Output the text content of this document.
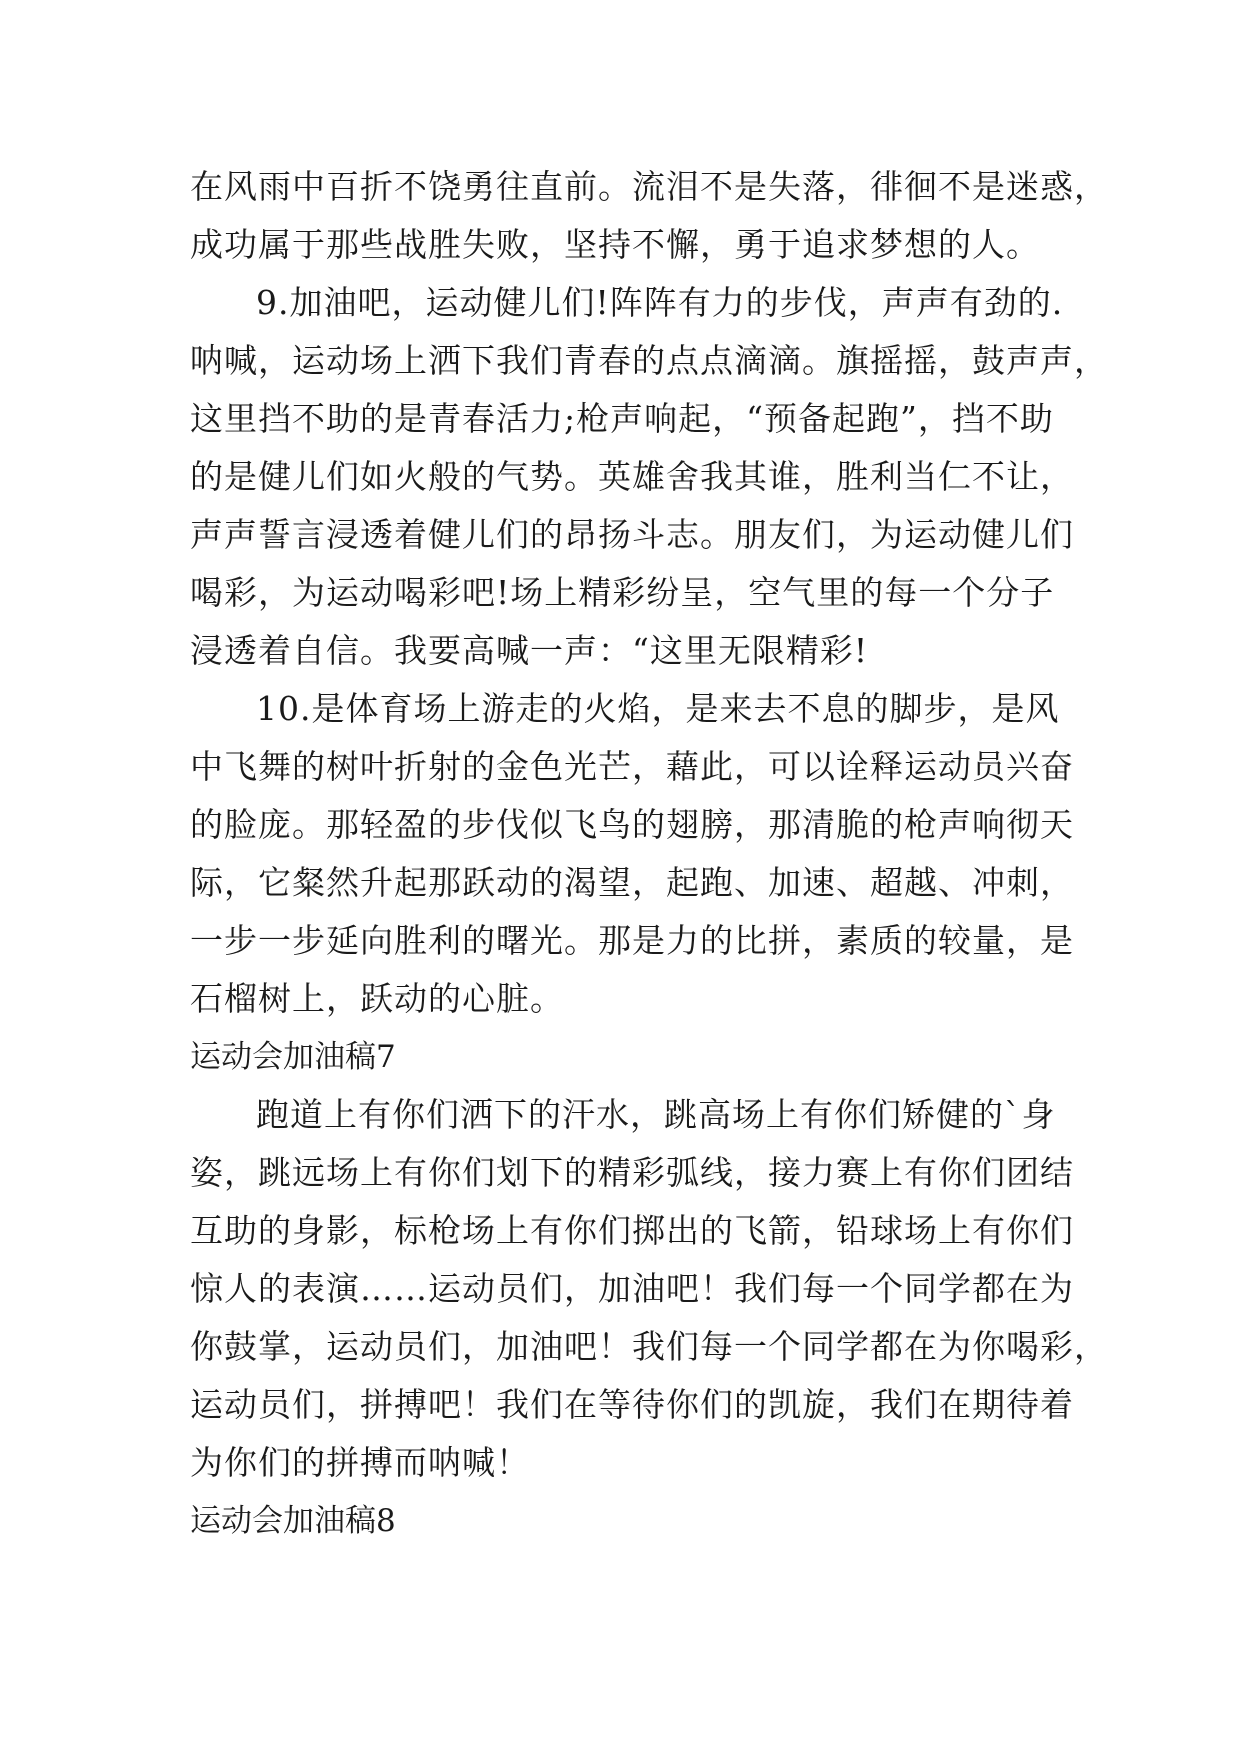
在风雨中百折不饶勇往直前。流泪不是失落，徘徊不是迷惑，
成功属于那些战胜失败，坚持不懈，勇于追求梦想的人。
9.加油吧，运动健儿们!阵阵有力的步伐，声声有劲的.
呐喊，运动场上洒下我们青春的点点滴滴。旗摇摇，鼓声声，
这里挡不助的是青春活力;枪声响起，“预备起跑”，挡不助
的是健儿们如火般的气势。英雄舍我其谁，胜利当仁不让，
声声誓言浸透着健儿们的昂扬斗志。朋友们，为运动健儿们
喝彩，为运动喝彩吧!场上精彩纷呈，空气里的每一个分子
浸透着自信。我要高喊一声：“这里无限精彩!
10.是体育场上游走的火焰，是来去不息的脚步，是风
中飞舞的树叶折射的金色光芒，藉此，可以诠释运动员兴奋
的脸庞。那轻盈的步伐似飞鸟的翅膀，那清脆的枪声响彻天
际，它粲然升起那跃动的渴望，起跑、加速、超越、冲刺，
一步一步延向胜利的曙光。那是力的比拼，素质的较量，是
石榴树上，跃动的心脏。
运动会加油稿7
跑道上有你们洒下的汗水，跳高场上有你们矫健的`身
姿，跳远场上有你们划下的精彩弧线，接力赛上有你们团结
互助的身影，标枪场上有你们掷出的飞箭，铅球场上有你们
惊人的表演……运动员们，加油吧！我们每一个同学都在为
你鼓掌，运动员们，加油吧！我们每一个同学都在为你喝彩，
运动员们，拼搏吧！我们在等待你们的凯旋，我们在期待着
为你们的拼搏而呐喊！
运动会加油稿8
